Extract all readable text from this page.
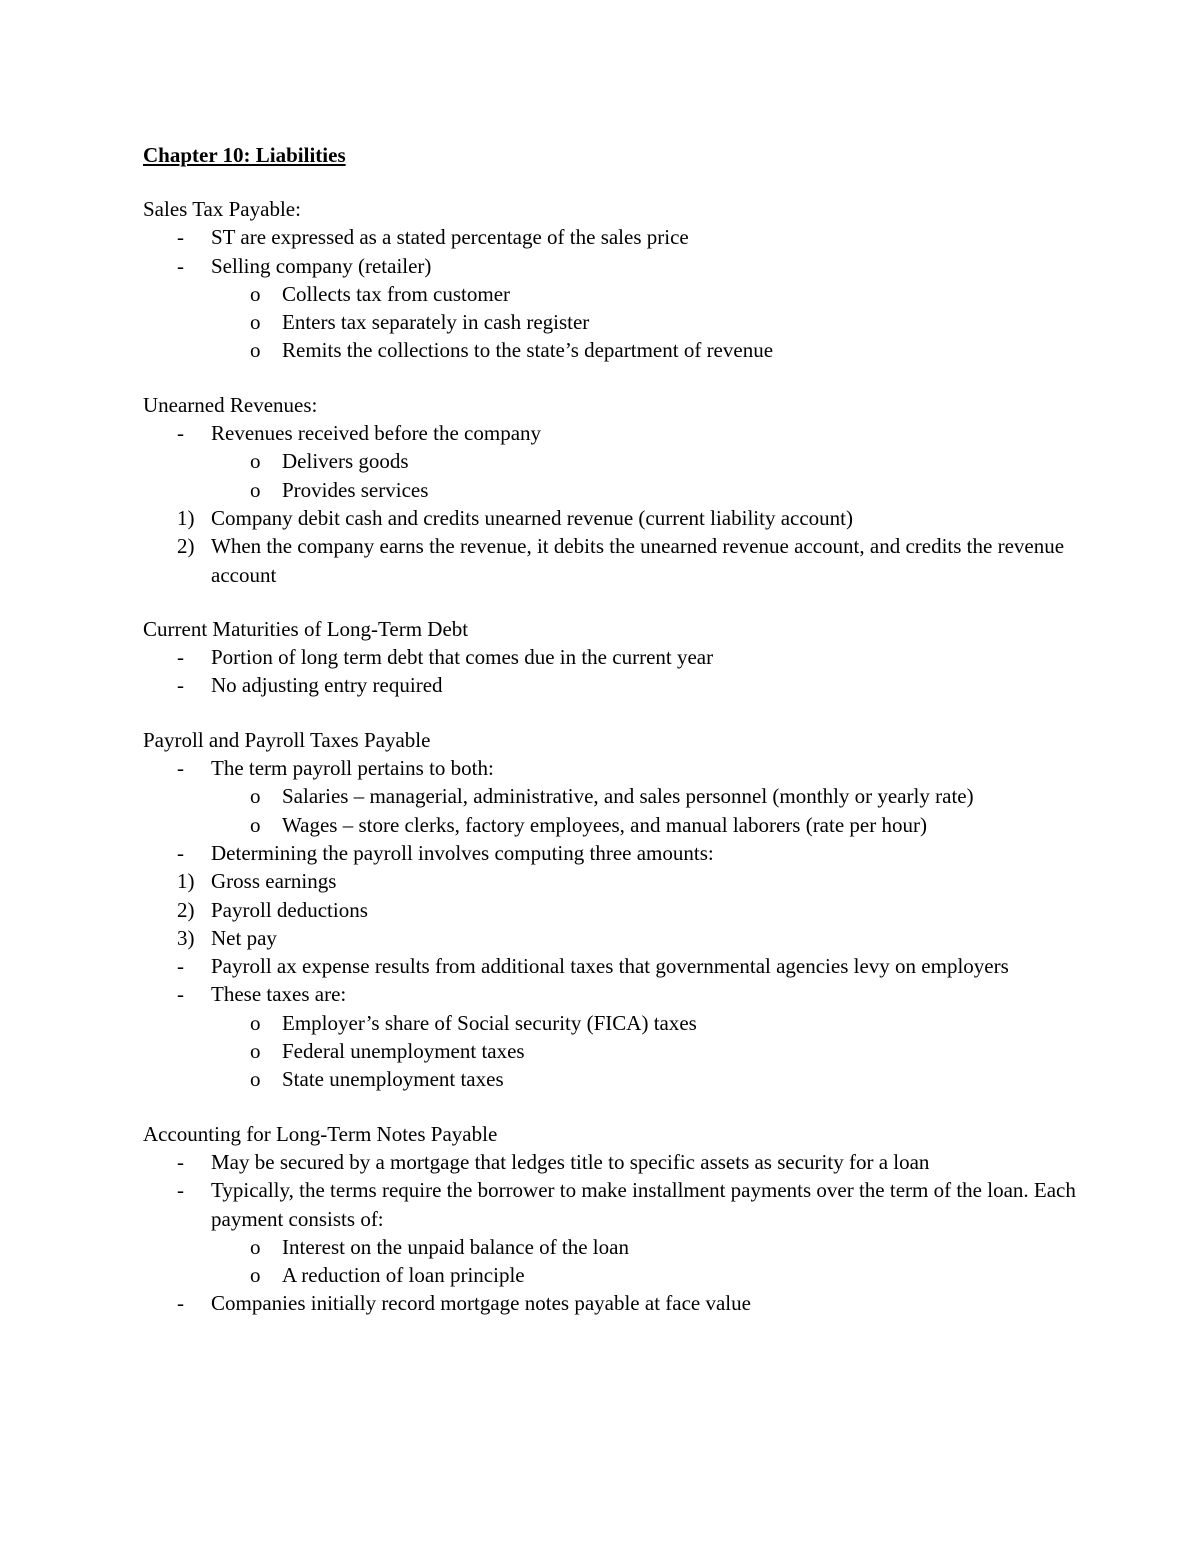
Chapter 10: Liabilities
Sales Tax Payable:
- ST are expressed as a stated percentage of the sales price
- Selling company (retailer)
o Collects tax from customer
o Enters tax separately in cash register
o Remits the collections to the state’s department of revenue
Unearned Revenues:
- Revenues received before the company
o Delivers goods
o Provides services
1) Company debit cash and credits unearned revenue (current liability account)
2) When the company earns the revenue, it debits the unearned revenue account, and credits the revenue account
Current Maturities of Long-Term Debt
- Portion of long term debt that comes due in the current year
- No adjusting entry required
Payroll and Payroll Taxes Payable
- The term payroll pertains to both:
o Salaries – managerial, administrative, and sales personnel (monthly or yearly rate)
o Wages – store clerks, factory employees, and manual laborers (rate per hour)
- Determining the payroll involves computing three amounts:
1) Gross earnings
2) Payroll deductions
3) Net pay
- Payroll ax expense results from additional taxes that governmental agencies levy on employers
- These taxes are:
o Employer’s share of Social security (FICA) taxes
o Federal unemployment taxes
o State unemployment taxes
Accounting for Long-Term Notes Payable
- May be secured by a mortgage that ledges title to specific assets as security for a loan
- Typically, the terms require the borrower to make installment payments over the term of the loan. Each payment consists of:
o Interest on the unpaid balance of the loan
o A reduction of loan principle
- Companies initially record mortgage notes payable at face value
